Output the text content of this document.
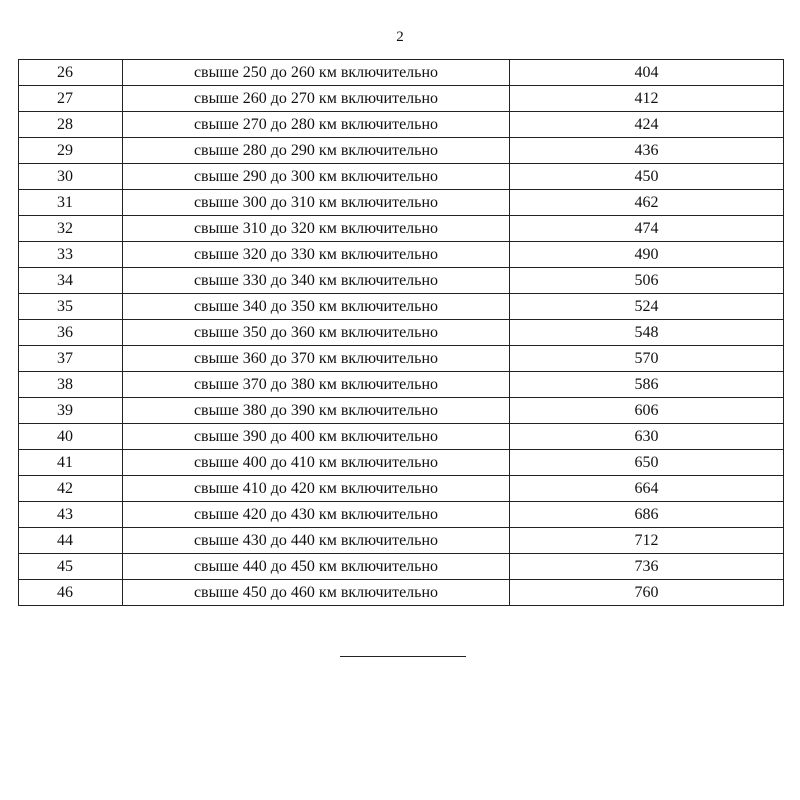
2
26	свыше 250 до 260 км включительно	404
27	свыше 260 до 270 км включительно	412
28	свыше 270 до 280 км включительно	424
29	свыше 280 до 290 км включительно	436
30	свыше 290 до 300 км включительно	450
31	свыше 300 до 310 км включительно	462
32	свыше 310 до 320 км включительно	474
33	свыше 320 до 330 км включительно	490
34	свыше 330 до 340 км включительно	506
35	свыше 340 до 350 км включительно	524
36	свыше 350 до 360 км включительно	548
37	свыше 360 до 370 км включительно	570
38	свыше 370 до 380 км включительно	586
39	свыше 380 до 390 км включительно	606
40	свыше 390 до 400 км включительно	630
41	свыше 400 до 410 км включительно	650
42	свыше 410 до 420 км включительно	664
43	свыше 420 до 430 км включительно	686
44	свыше 430 до 440 км включительно	712
45	свыше 440 до 450 км включительно	736
46	свыше 450 до 460 км включительно	760
